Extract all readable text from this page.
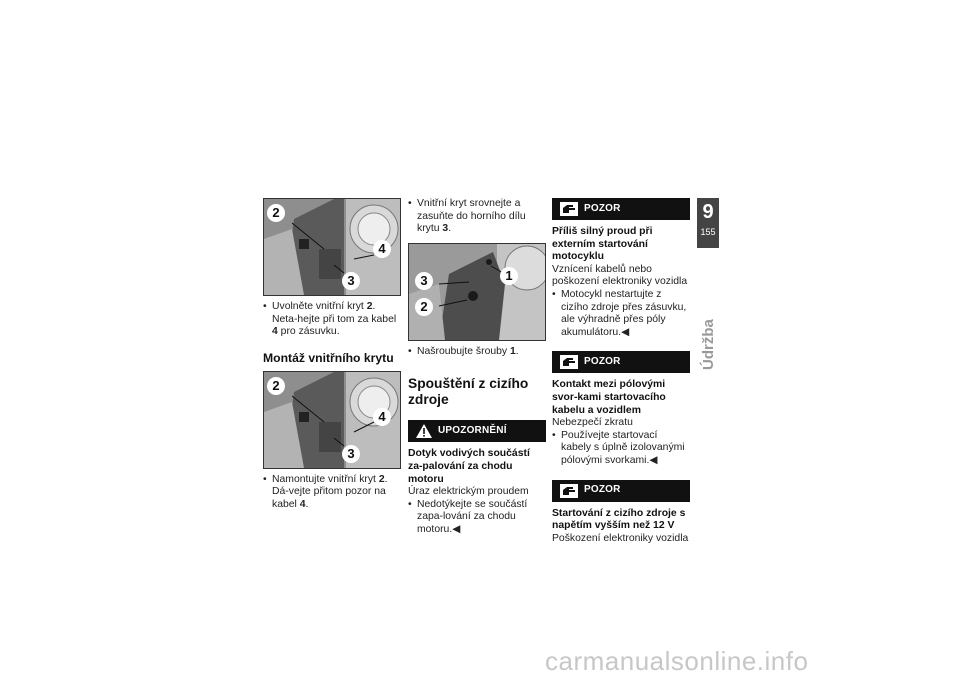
2
4
3

• Uvolněte vnitřní kryt 2. Neta-hejte při tom za kabel 4 pro zásuvku.

Montáž vnitřního krytu
2
4
3

• Namontujte vnitřní kryt 2. Dá-vejte přitom pozor na kabel 4.

• Vnitřní kryt srovnejte a zasuňte do horního dílu krytu 3.

3	1
2

• Našroubujte šrouby 1.

Spouštění z cizího zdroje
UPOZORNĚNÍ
Dotyk vodivých součástí za-palování za chodu motoru
Úraz elektrickým proudem

• Nedotýkejte se součástí zapa-lování za chodu motoru.◀

POZOR
Příliš silný proud při externím startování motocyklu
Vznícení kabelů nebo poškození elektroniky vozidla

• Motocykl nestartujte z cizího zdroje přes zásuvku, ale výhradně přes póly akumulátoru.◀

POZOR
Kontakt mezi pólovými svor-kami startovacího kabelu a vozidlem
Nebezpečí zkratu

• Používejte startovací kabely s úplně izolovanými pólovými svorkami.◀

POZOR
Startování z cizího zdroje s napětím vyšším než 12 V
Poškození elektroniky vozidla
9
155
Údržba
carmanualsonline.info
